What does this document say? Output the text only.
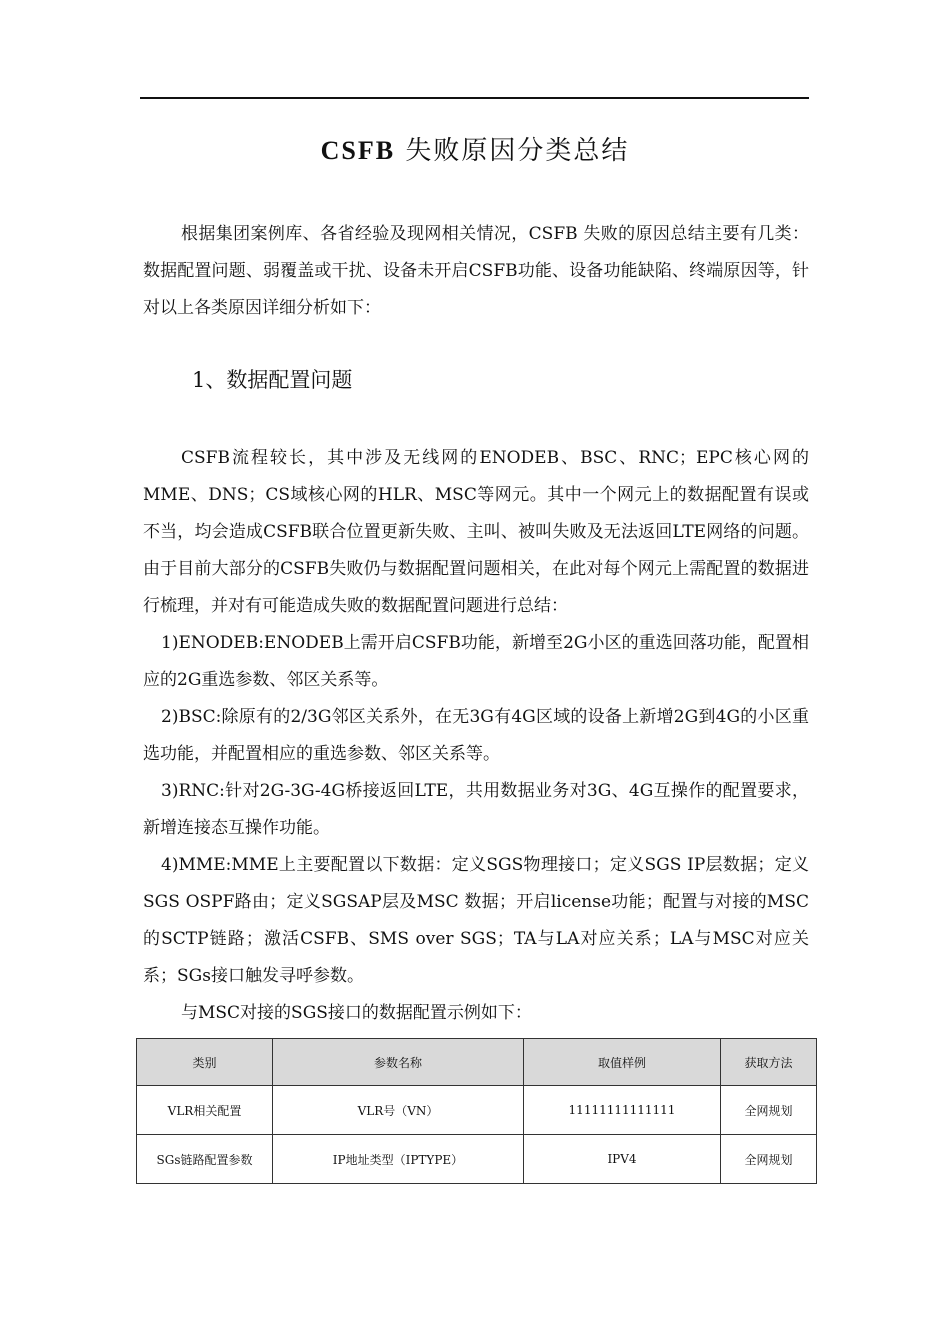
CSFB 失败原因分类总结

根据集团案例库、各省经验及现网相关情况，CSFB 失败的原因总结主要有几类：数据配置问题、弱覆盖或干扰、设备未开启CSFB功能、设备功能缺陷、终端原因等，针对以上各类原因详细分析如下：

1、数据配置问题

CSFB流程较长，其中涉及无线网的ENODEB、BSC、RNC；EPC核心网的MME、DNS；CS域核心网的HLR、MSC等网元。其中一个网元上的数据配置有误或不当，均会造成CSFB联合位置更新失败、主叫、被叫失败及无法返回LTE网络的问题。由于目前大部分的CSFB失败仍与数据配置问题相关，在此对每个网元上需配置的数据进行梳理，并对有可能造成失败的数据配置问题进行总结：

1)ENODEB:ENODEB上需开启CSFB功能，新增至2G小区的重选回落功能，配置相应的2G重选参数、邻区关系等。

2)BSC:除原有的2/3G邻区关系外，在无3G有4G区域的设备上新增2G到4G的小区重选功能，并配置相应的重选参数、邻区关系等。

3)RNC:针对2G-3G-4G桥接返回LTE，共用数据业务对3G、4G互操作的配置要求，新增连接态互操作功能。

4)MME:MME上主要配置以下数据：定义SGS物理接口；定义SGS IP层数据；定义SGS OSPF路由；定义SGSAP层及MSC 数据；开启license功能；配置与对接的MSC的SCTP链路；激活CSFB、SMS over SGS；TA与LA对应关系；LA与MSC对应关系；SGs接口触发寻呼参数。

与MSC对接的SGS接口的数据配置示例如下：

类别	参数名称	取值样例	获取方法
VLR相关配置	VLR号（VN）	11111111111111	全网规划
SGs链路配置参数	IP地址类型（IPTYPE）	IPV4	全网规划
